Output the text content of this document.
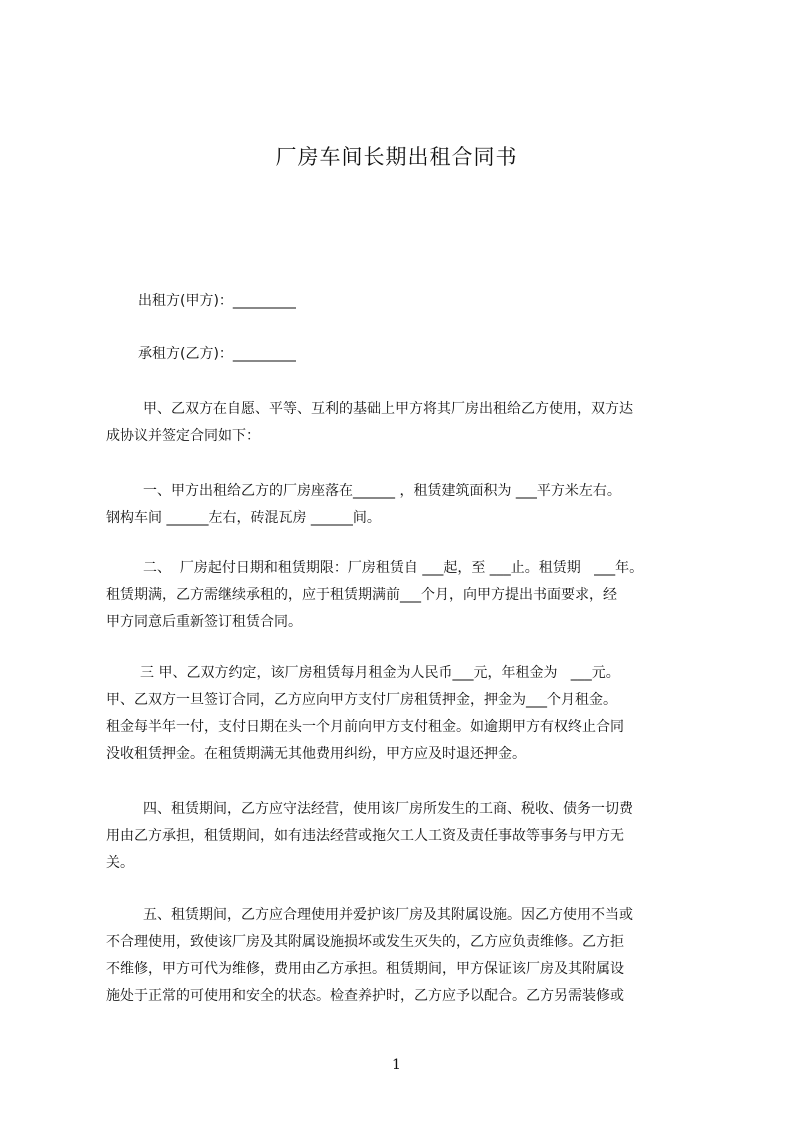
厂房车间长期出租合同书
出租方(甲方)：_________
承租方(乙方)：_________
甲、乙双方在自愿、平等、互利的基础上甲方将其厂房出租给乙方使用，双方达
成协议并签定合同如下：
一、甲方出租给乙方的厂房座落在______ ，租赁建筑面积为 ___平方米左右。
钢构车间 ______左右，砖混瓦房 ______间。
二、  厂房起付日期和租赁期限：厂房租赁自 ___起，至 ___止。租赁期   ___年。
租赁期满，乙方需继续承租的，应于租赁期满前___个月，向甲方提出书面要求，经
甲方同意后重新签订租赁合同。
三 甲、乙双方约定，该厂房租赁每月租金为人民币___元，年租金为   ___元。
甲、乙双方一旦签订合同，乙方应向甲方支付厂房租赁押金，押金为___个月租金。
租金每半年一付，支付日期在头一个月前向甲方支付租金。如逾期甲方有权终止合同
没收租赁押金。在租赁期满无其他费用纠纷，甲方应及时退还押金。
四、租赁期间，乙方应守法经营，使用该厂房所发生的工商、税收、债务一切费
用由乙方承担，租赁期间，如有违法经营或拖欠工人工资及责任事故等事务与甲方无
关。
五、租赁期间，乙方应合理使用并爱护该厂房及其附属设施。因乙方使用不当或
不合理使用，致使该厂房及其附属设施损坏或发生灭失的，乙方应负责维修。乙方拒
不维修，甲方可代为维修，费用由乙方承担。租赁期间，甲方保证该厂房及其附属设
施处于正常的可使用和安全的状态。检查养护时，乙方应予以配合。乙方另需装修或
1
